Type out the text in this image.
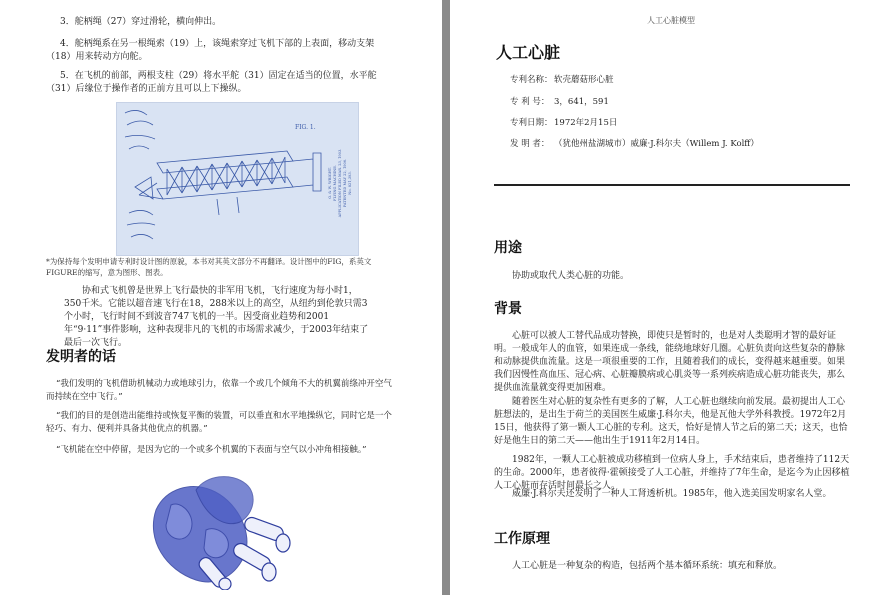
3．舵柄绳（27）穿过滑轮，横向伸出。

4．舵柄绳系在另一根绳索（19）上，该绳索穿过飞机下部的上表面，移动支架（18）用来转动方向舵。

5．在飞机的前部，两根支柱（29）将水平舵（31）固定在适当的位置，水平舵（31）后缘位于操作者的正前方且可以上下操纵。

FIG. 1.
O. & W. WRIGHT. FLYING MACHINE. APPLICATION FILED MAR. 23, 1903. PATENTED MAY 22, 1906. No. 821,393.

*为保持每个发明申请专利时设计图的原貌，本书对其英文部分不再翻译。设计图中的FIG，系英文FIGURE的缩写，意为图形、图表。

协和式飞机曾是世界上飞行最快的非军用飞机，飞行速度为每小时1，350千米。它能以超音速飞行在18，288米以上的高空，从纽约到伦敦只需3个小时，飞行时间不到波音747飞机的一半。因受商业趋势和2001年“9·11”事件影响，这种表现非凡的飞机的市场需求减少，于2003年结束了最后一次飞行。

发明者的话

“我们发明的飞机借助机械动力或地球引力，依靠一个或几个倾角不大的机翼前绦冲开空气而持续在空中飞行。”

“我们的目的是创造出能维持或恢复平衡的装置，可以垂直和水平地操纵它，同时它是一个轻巧、有力、便利并具备其他优点的机器。”

“飞机能在空中停留，是因为它的一个或多个机翼的下表面与空气以小冲角相接触。”

人工心脏模型
人工心脏
专利名称：软壳蘑菇形心脏
专 利 号： 3，641，591
专利日期：1972年2月15日
发 明 者： （犹他州盐湖城市）威廉·J.科尔夫（Willem J. Kolff）
用途

协助或取代人类心脏的功能。

背景

心脏可以被人工替代品成功替换，即使只是暂时的，也是对人类聪明才智的最好证明。一般成年人的血管，如果连成一条线，能绕地球好几圈。心脏负责向这些复杂的静脉和动脉提供血流量。这是一项很重要的工作，且随着我们的成长，变得越来越重要。如果我们因慢性高血压、冠心病、心脏瓣膜病或心肌炎等一系列疾病造成心脏功能丧失，那么提供血流量就变得更加困难。

随着医生对心脏的复杂性有更多的了解，人工心脏也继续向前发展。最初提出人工心脏想法的，是出生于荷兰的美国医生威廉·J.科尔夫，他是瓦他大学外科教授。1972年2月15日，他获得了第一颗人工心脏的专利。这天，恰好是情人节之后的第二天；这天，也恰好是他生日的第二天——他出生于1911年2月14日。

1982年，一颗人工心脏被成功移植到一位病人身上，手术结束后，患者维持了112天的生命。2000年，患者彼得·霍顿接受了人工心脏，并维持了7年生命，是迄今为止因移植人工心脏而存活时间最长之人。

威廉·J.科尔夫还发明了一种人工肾透析机。1985年，他入选美国发明家名人堂。

工作原理

人工心脏是一种复杂的构造，包括两个基本循环系统：填充和释放。
